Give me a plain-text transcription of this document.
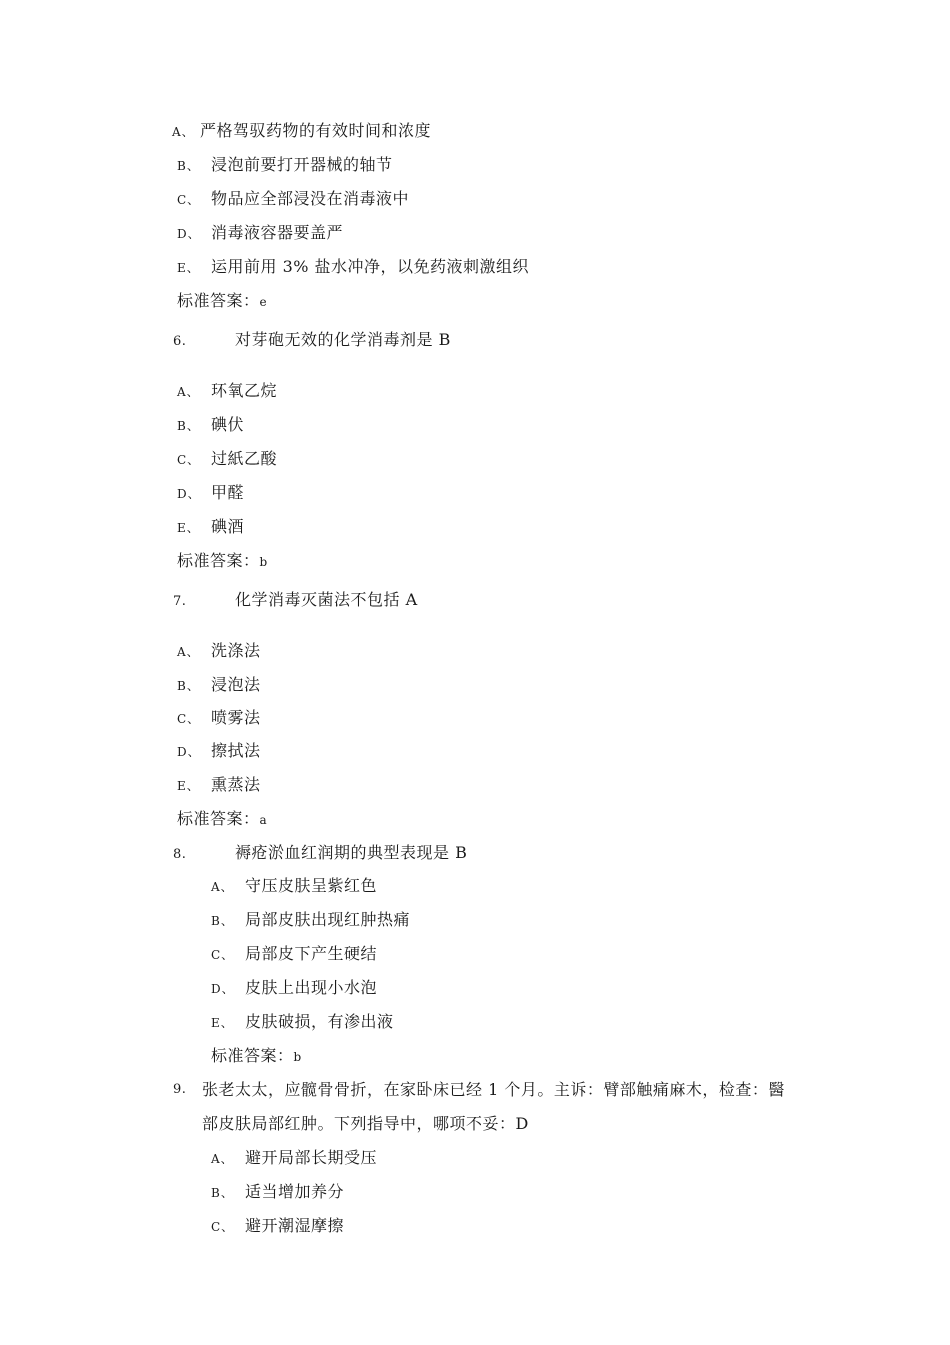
A、 严格驾驭药物的有效时间和浓度
B、 浸泡前要打开器械的轴节
C、 物品应全部浸没在消毒液中
D、 消毒液容器要盖严
E、 运用前用 3% 盐水冲净，以免药液刺激组织
标准答案：e
6.	对芽砲无效的化学消毒剂是 B
A、 环氧乙烷
B、 碘伏
C、 过紙乙酸
D、 甲醛
E、 碘酒
标准答案：b
7.	化学消毒灭菌法不包括 A
A、 洗涤法
B、 浸泡法
C、 喷雾法
D、 擦拭法
E、 熏蒸法
标准答案：a
8.	褥疮淤血红润期的典型表现是 B
A、 守压皮肤呈紫红色
B、 局部皮肤出现红肿热痛
C、 局部皮下产生硬结
D、 皮肤上出现小水泡
E、 皮肤破损，有渗出液
标准答案：b
9. 张老太太，应髋骨骨折，在家卧床已经 1 个月。主诉：臂部触痛麻木，检查：醫
部皮肤局部红肿。下列指导中，哪项不妥：D
A、 避开局部长期受压
B、 适当增加养分
C、 避开潮湿摩擦
